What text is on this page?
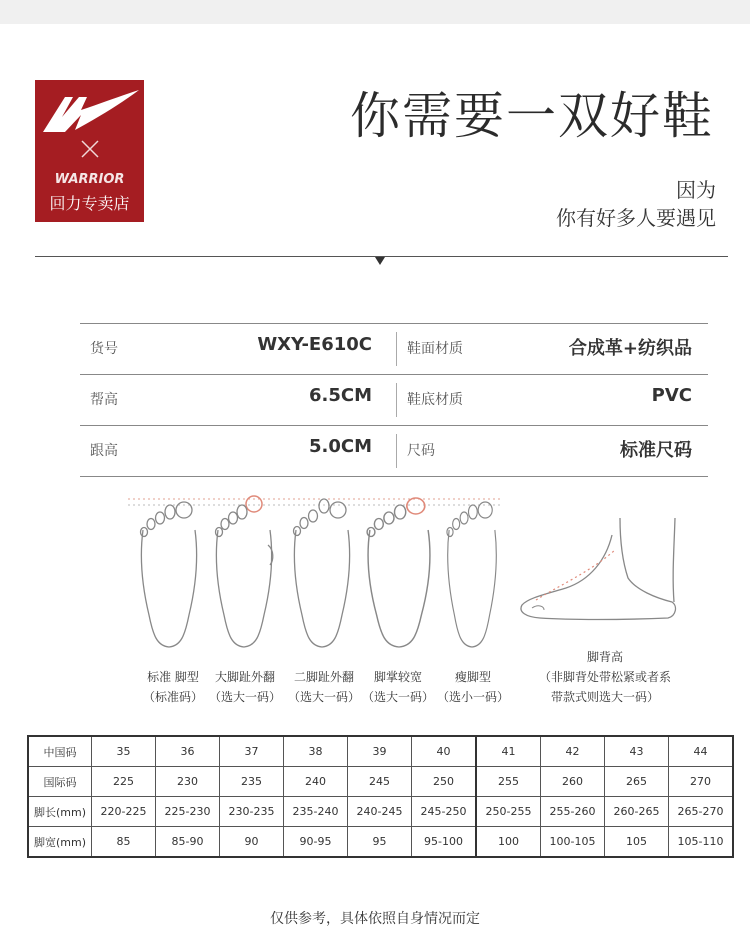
WARRIOR
回力专卖店
你需要一双好鞋
因为
你有好多人要遇见
货号	WXY-E610C	鞋面材质	合成革+纺织品
帮高	6.5CM	鞋底材质	PVC
跟高	5.0CM	尺码	标准尺码
标准 脚型
（标准码）
大脚趾外翻
（选大一码）
二脚趾外翻
（选大一码）
脚掌较宽
（选大一码）
瘦脚型
（选小一码）
脚背高
（非脚背处带松紧或者系
带款式则选大一码）
中国码	35	36	37	38	39	40	41	42	43	44
国际码	225	230	235	240	245	250	255	260	265	270
脚长(mm)	220-225	225-230	230-235	235-240	240-245	245-250	250-255	255-260	260-265	265-270
脚宽(mm)	85	85-90	90	90-95	95	95-100	100	100-105	105	105-110
仅供参考，具体依照自身情况而定
